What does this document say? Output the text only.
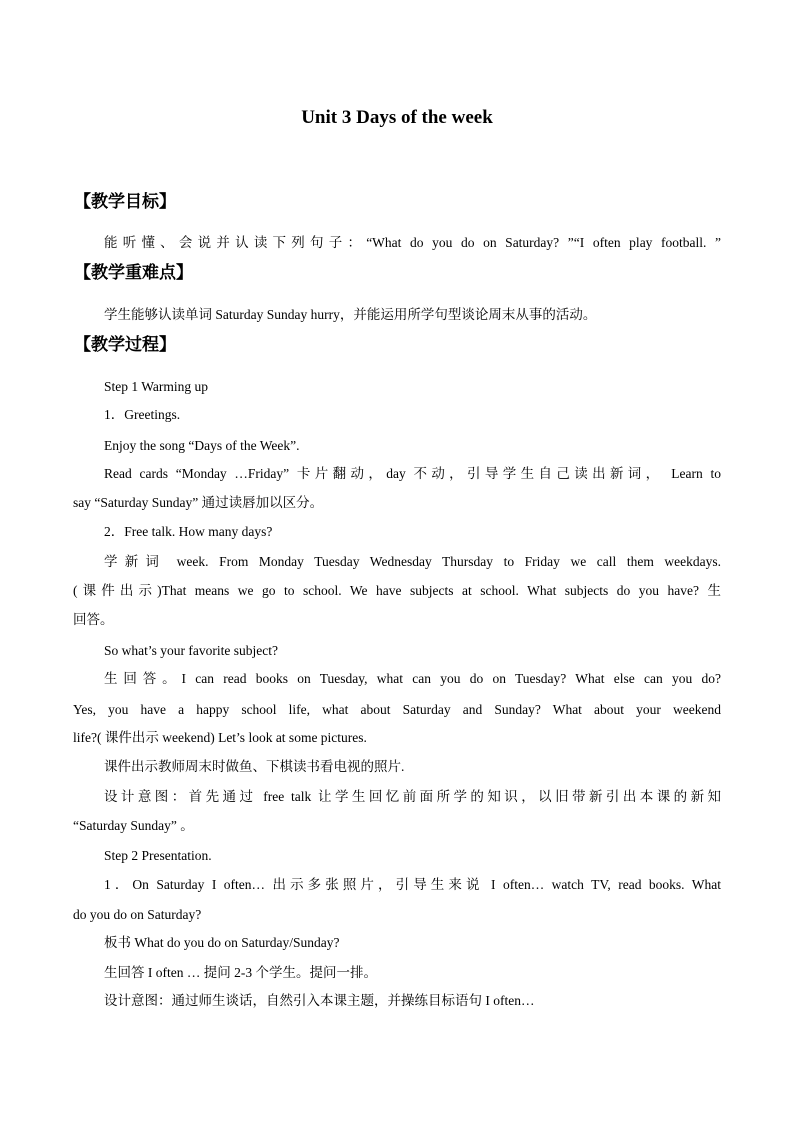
Unit 3 Days of the week
【教学目标】
能听懂、会说并认读下列句子：“What do you do on Saturday? ”“I often play football. ”
【教学重难点】
学生能够认读单词 Saturday Sunday hurry，并能运用所学句型谈论周末从事的活动。
【教学过程】
Step 1 Warming up
1．Greetings.
Enjoy the song “Days of the Week”.
Read cards “Monday …Friday” 卡片翻动，day 不动，引导学生自己读出新词， Learn to
say “Saturday Sunday” 通过读唇加以区分。
2．Free talk. How many days?
学新词 week. From Monday Tuesday Wednesday Thursday to Friday we call them weekdays.
(课件出示)That means we go to school. We have subjects at school. What subjects do you have? 生
回答。
So what’s your favorite subject?
生回答。I can read books on Tuesday, what can you do on Tuesday? What else can you do?
Yes, you have a happy school life, what about Saturday and Sunday? What about your weekend
life?( 课件出示 weekend) Let’s look at some pictures.
课件出示教师周末时做鱼、下棋读书看电视的照片.
设计意图：首先通过 free talk 让学生回忆前面所学的知识，以旧带新引出本课的新知
“Saturday Sunday” 。
Step 2 Presentation.
1．On Saturday I often… 出示多张照片，引导生来说 I often… watch TV, read books. What
do you do on Saturday?
板书 What do you do on Saturday/Sunday?
生回答 I often … 提问 2-3 个学生。提问一排。
设计意图：通过师生谈话，自然引入本课主题，并操练目标语句 I often…
